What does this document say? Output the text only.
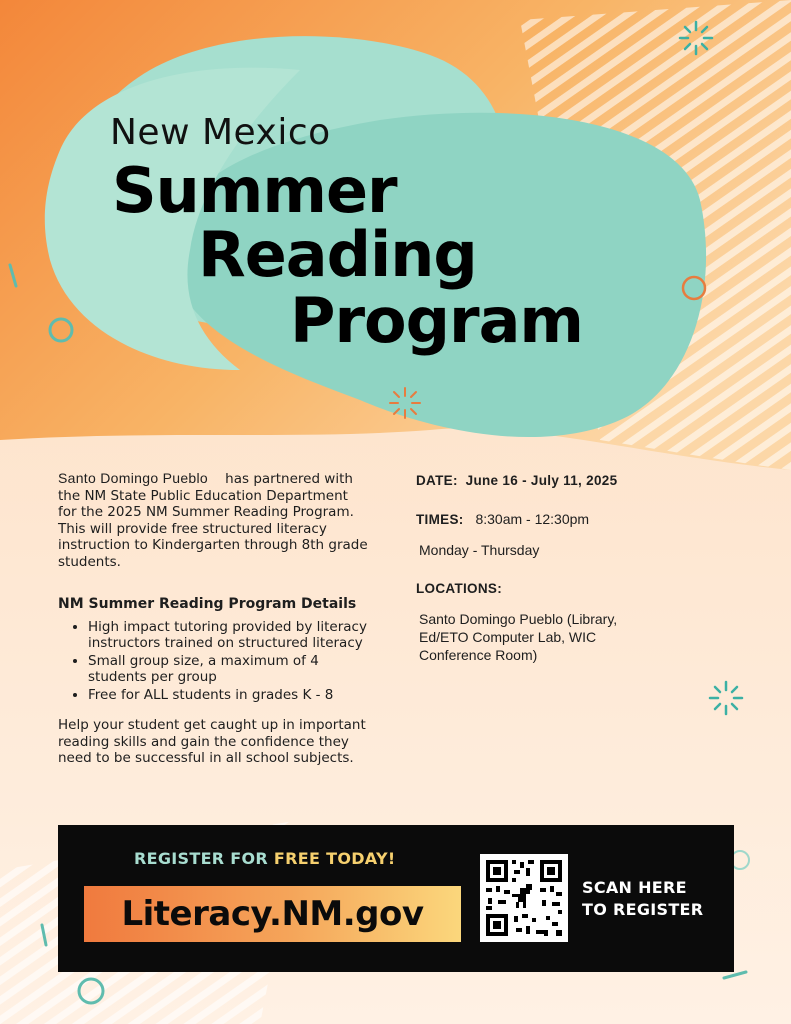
New Mexico
Summer
Reading
Program

Santo Domingo Pueblo has partnered with the NM State Public Education Department for the 2025 NM Summer Reading Program. This will provide free structured literacy instruction to Kindergarten through 8th grade students.

NM Summer Reading Program Details

• High impact tutoring provided by literacy instructors trained on structured literacy
• Small group size, a maximum of 4 students per group
• Free for ALL students in grades K - 8

Help your student get caught up in important reading skills and gain the confidence they need to be successful in all school subjects.

DATE: June 16 - July 11, 2025
TIMES: 8:30am - 12:30pm
Monday - Thursday
LOCATIONS:
Santo Domingo Pueblo (Library,
Ed/ETO Computer Lab, WIC
Conference Room)
REGISTER FOR FREE TODAY!
Literacy.NM.gov
SCAN HERE
TO REGISTER
